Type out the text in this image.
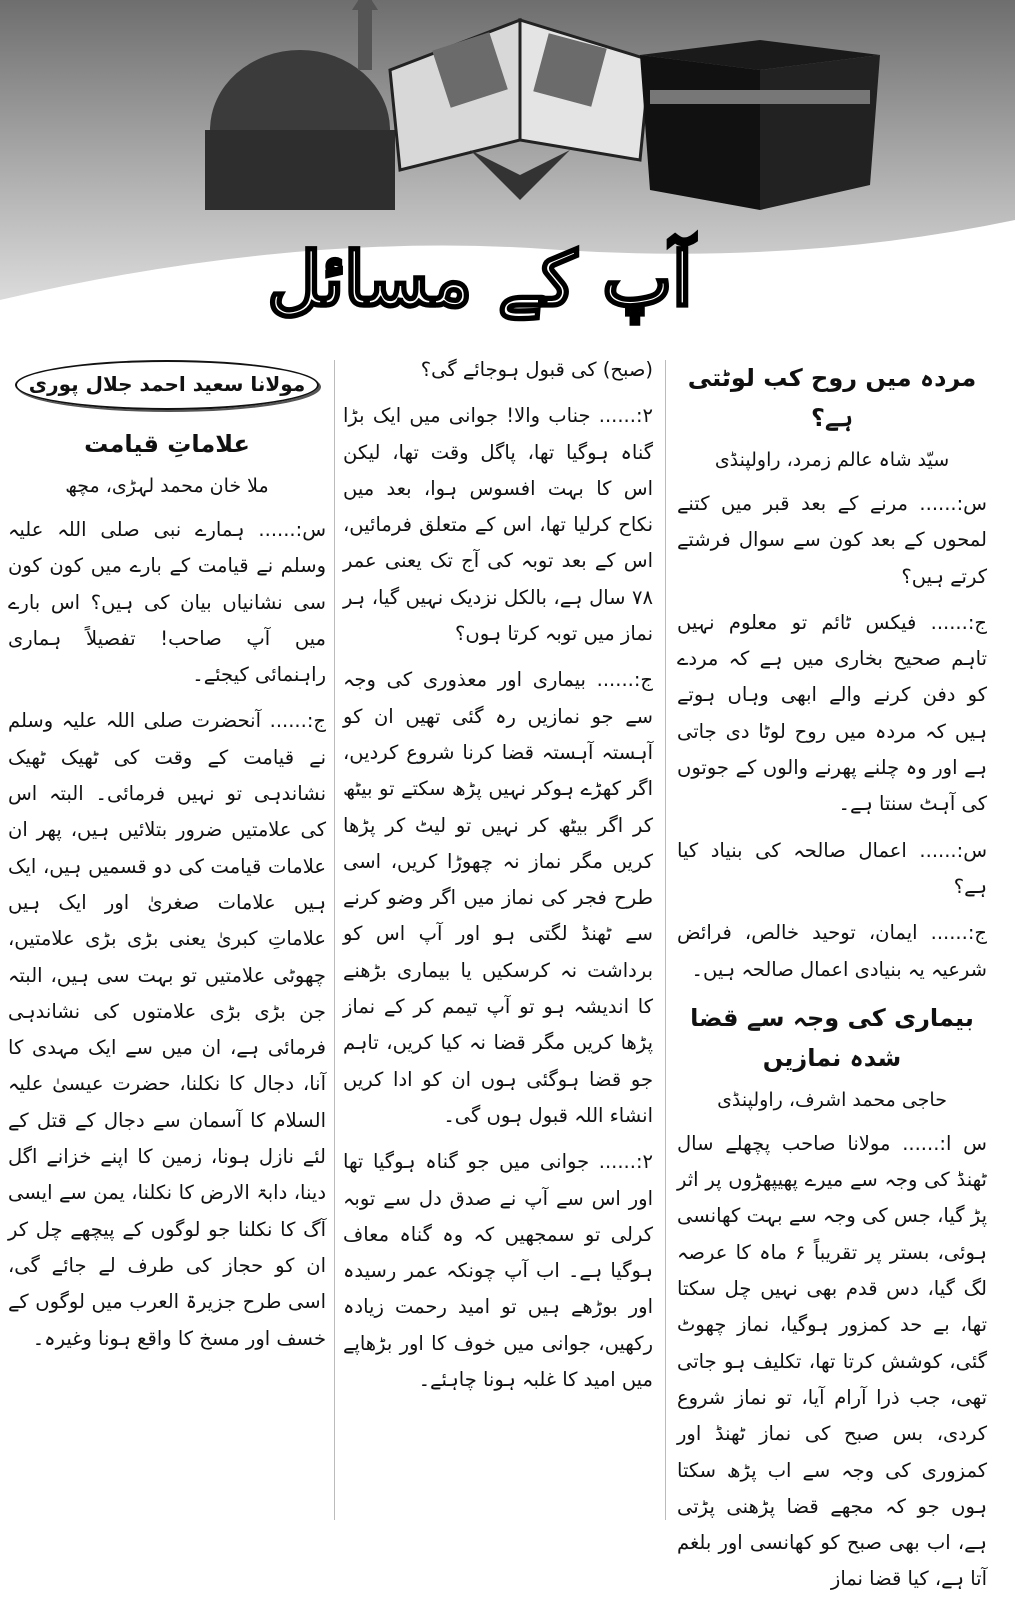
آپ کے مسائل
مردہ میں روح کب لوٹتی ہے؟
سیّد شاہ عالم زمرد، راولپنڈی

س:...... مرنے کے بعد قبر میں کتنے لمحوں کے بعد کون سے سوال فرشتے کرتے ہیں؟

ج:...... فیکس ٹائم تو معلوم نہیں تاہم صحیح بخاری میں ہے کہ مردے کو دفن کرنے والے ابھی وہاں ہوتے ہیں کہ مردہ میں روح لوٹا دی جاتی ہے اور وہ چلنے پھرنے والوں کے جوتوں کی آہٹ سنتا ہے۔

س:...... اعمال صالحہ کی بنیاد کیا ہے؟

ج:...... ایمان، توحید خالص، فرائض شرعیہ یہ بنیادی اعمال صالحہ ہیں۔

بیماری کی وجہ سے قضا شدہ نمازیں
حاجی محمد اشرف، راولپنڈی

س ا:...... مولانا صاحب پچھلے سال ٹھنڈ کی وجہ سے میرے پھیپھڑوں پر اثر پڑ گیا، جس کی وجہ سے بہت کھانسی ہوئی، بستر پر تقریباً ۶ ماہ کا عرصہ لگ گیا، دس قدم بھی نہیں چل سکتا تھا، بے حد کمزور ہوگیا، نماز چھوٹ گئی، کوشش کرتا تھا، تکلیف ہو جاتی تھی، جب ذرا آرام آیا، تو نماز شروع کردی، بس صبح کی نماز ٹھنڈ اور کمزوری کی وجہ سے اب پڑھ سکتا ہوں جو کہ مجھے قضا پڑھنی پڑتی ہے، اب بھی صبح کو کھانسی اور بلغم آتا ہے، کیا قضا نماز

(صبح) کی قبول ہوجائے گی؟

۲:...... جناب والا! جوانی میں ایک بڑا گناہ ہوگیا تھا، پاگل وقت تھا، لیکن اس کا بہت افسوس ہوا، بعد میں نکاح کرلیا تھا، اس کے متعلق فرمائیں، اس کے بعد توبہ کی آج تک یعنی عمر ۷۸ سال ہے، بالکل نزدیک نہیں گیا، ہر نماز میں توبہ کرتا ہوں؟

ج:...... بیماری اور معذوری کی وجہ سے جو نمازیں رہ گئی تھیں ان کو آہستہ آہستہ قضا کرنا شروع کردیں، اگر کھڑے ہوکر نہیں پڑھ سکتے تو بیٹھ کر اگر بیٹھ کر نہیں تو لیٹ کر پڑھا کریں مگر نماز نہ چھوڑا کریں، اسی طرح فجر کی نماز میں اگر وضو کرنے سے ٹھنڈ لگتی ہو اور آپ اس کو برداشت نہ کرسکیں یا بیماری بڑھنے کا اندیشہ ہو تو آپ تیمم کر کے نماز پڑھا کریں مگر قضا نہ کیا کریں، تاہم جو قضا ہوگئی ہوں ان کو ادا کریں انشاء اللہ قبول ہوں گی۔

۲:...... جوانی میں جو گناہ ہوگیا تھا اور اس سے آپ نے صدق دل سے توبہ کرلی تو سمجھیں کہ وہ گناہ معاف ہوگیا ہے۔ اب آپ چونکہ عمر رسیدہ اور بوڑھے ہیں تو امید رحمت زیادہ رکھیں، جوانی میں خوف کا اور بڑھاپے میں امید کا غلبہ ہونا چاہئے۔

مولانا سعید احمد جلال پوری
علاماتِ قیامت
ملا خان محمد لہڑی، مچھ

س:...... ہمارے نبی صلی اللہ علیہ وسلم نے قیامت کے بارے میں کون کون سی نشانیاں بیان کی ہیں؟ اس بارے میں آپ صاحب! تفصیلاً ہماری راہنمائی کیجئے۔

ج:...... آنحضرت صلی اللہ علیہ وسلم نے قیامت کے وقت کی ٹھیک ٹھیک نشاندہی تو نہیں فرمائی۔ البتہ اس کی علامتیں ضرور بتلائیں ہیں، پھر ان علامات قیامت کی دو قسمیں ہیں، ایک ہیں علامات صغریٰ اور ایک ہیں علاماتِ کبریٰ یعنی بڑی بڑی علامتیں، چھوٹی علامتیں تو بہت سی ہیں، البتہ جن بڑی بڑی علامتوں کی نشاندہی فرمائی ہے، ان میں سے ایک مہدی کا آنا، دجال کا نکلنا، حضرت عیسیٰ علیہ السلام کا آسمان سے دجال کے قتل کے لئے نازل ہونا، زمین کا اپنے خزانے اگل دینا، دابۃ الارض کا نکلنا، یمن سے ایسی آگ کا نکلنا جو لوگوں کے پیچھے چل کر ان کو حجاز کی طرف لے جائے گی، اسی طرح جزیرۃ العرب میں لوگوں کے خسف اور مسخ کا واقع ہونا وغیرہ۔
